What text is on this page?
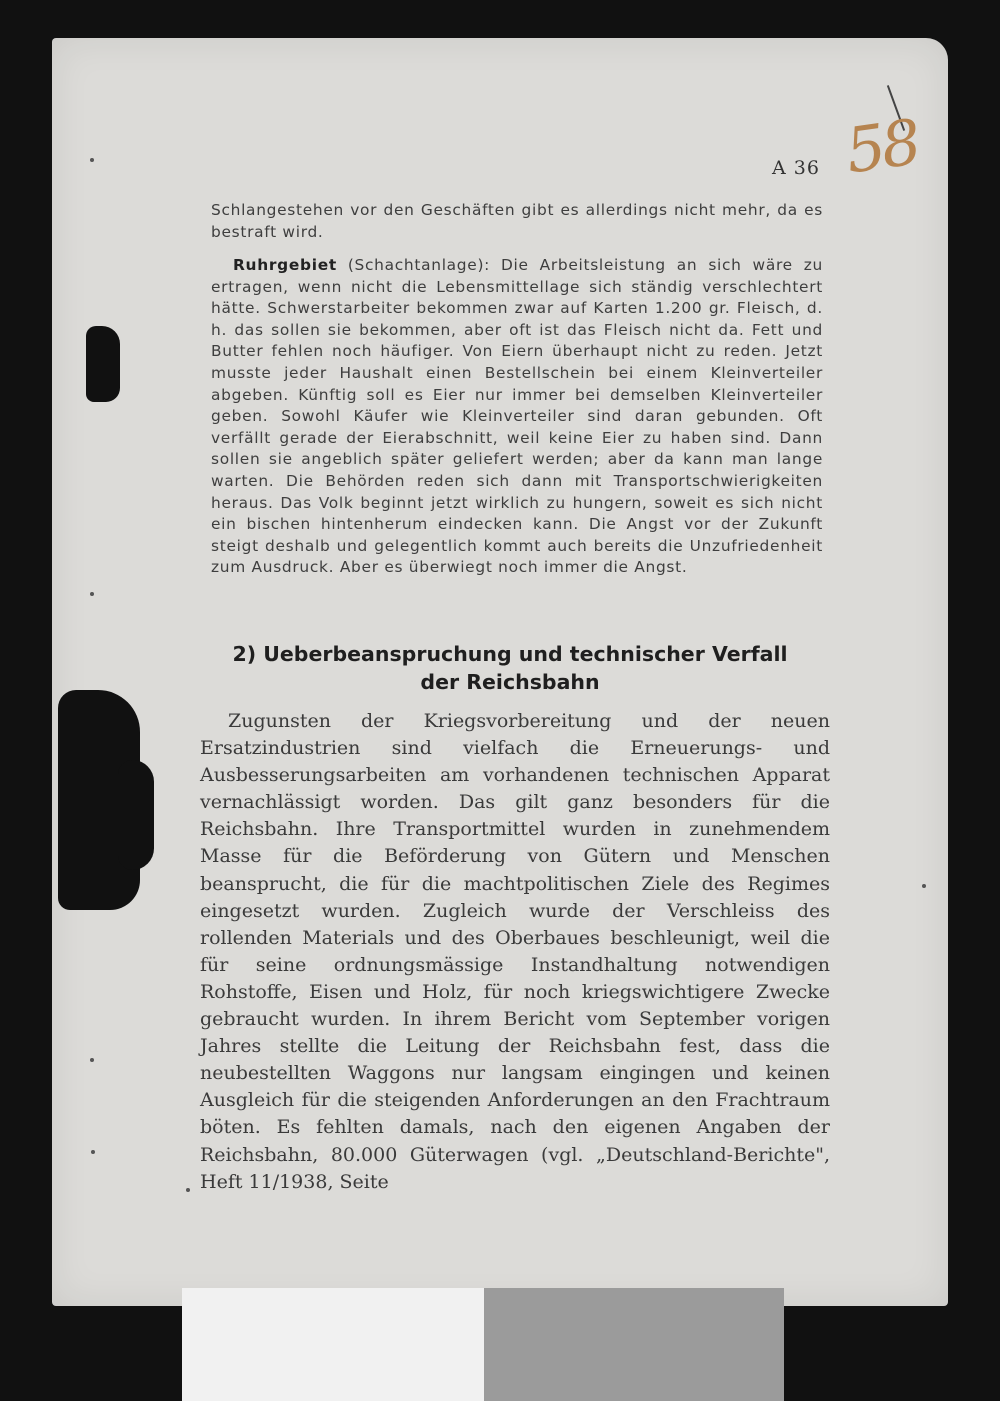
58
A 36

Schlangestehen vor den Geschäften gibt es allerdings nicht mehr, da es bestraft wird.

Ruhrgebiet (Schachtanlage): Die Arbeitsleistung an sich wäre zu ertragen, wenn nicht die Lebensmittellage sich ständig verschlechtert hätte. Schwerstarbeiter bekommen zwar auf Karten 1.200 gr. Fleisch, d. h. das sollen sie bekommen, aber oft ist das Fleisch nicht da. Fett und Butter fehlen noch häufiger. Von Eiern überhaupt nicht zu reden. Jetzt musste jeder Haushalt einen Bestellschein bei einem Kleinverteiler abgeben. Künftig soll es Eier nur immer bei demselben Kleinverteiler geben. Sowohl Käufer wie Kleinverteiler sind daran gebunden. Oft verfällt gerade der Eierabschnitt, weil keine Eier zu haben sind. Dann sollen sie angeblich später geliefert werden; aber da kann man lange warten. Die Behörden reden sich dann mit Transportschwierigkeiten heraus. Das Volk beginnt jetzt wirklich zu hungern, soweit es sich nicht ein bischen hintenherum eindecken kann. Die Angst vor der Zukunft steigt deshalb und gelegentlich kommt auch bereits die Unzufriedenheit zum Ausdruck. Aber es überwiegt noch immer die Angst.

2) Ueberbeanspruchung und technischer Verfall
der Reichsbahn

Zugunsten der Kriegsvorbereitung und der neuen Ersatzindustrien sind vielfach die Erneuerungs- und Ausbesserungsarbeiten am vorhandenen technischen Apparat vernachlässigt worden. Das gilt ganz besonders für die Reichsbahn. Ihre Transportmittel wurden in zunehmendem Masse für die Beförderung von Gütern und Menschen beansprucht, die für die machtpolitischen Ziele des Regimes eingesetzt wurden. Zugleich wurde der Verschleiss des rollenden Materials und des Oberbaues beschleunigt, weil die für seine ordnungsmässige Instandhaltung notwendigen Rohstoffe, Eisen und Holz, für noch kriegswichtigere Zwecke gebraucht wurden. In ihrem Bericht vom September vorigen Jahres stellte die Leitung der Reichsbahn fest, dass die neubestellten Waggons nur langsam eingingen und keinen Ausgleich für die steigenden Anforderungen an den Frachtraum böten. Es fehlten damals, nach den eigenen Angaben der Reichsbahn, 80.000 Güterwagen (vgl. „Deutschland-Berichte", Heft 11/1938, Seite
